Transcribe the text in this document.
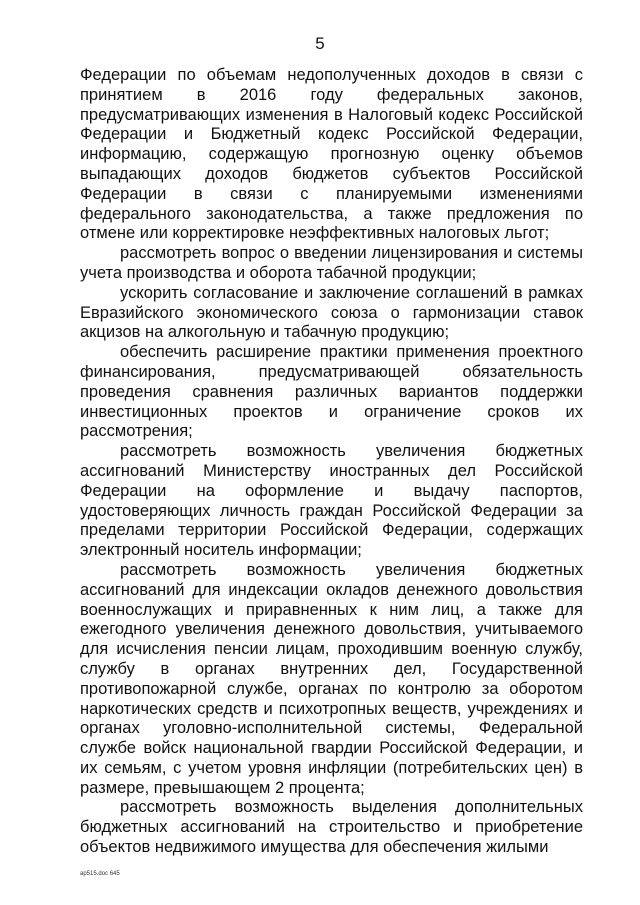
5

Федерации по объемам недополученных доходов в связи с принятием в 2016 году федеральных законов, предусматривающих изменения в Налоговый кодекс Российской Федерации и Бюджетный кодекс Российской Федерации, информацию, содержащую прогнозную оценку объемов выпадающих доходов бюджетов субъектов Российской Федерации в связи с планируемыми изменениями федерального законодательства, а также предложения по отмене или корректировке неэффективных налоговых льгот;

рассмотреть вопрос о введении лицензирования и системы учета производства и оборота табачной продукции;

ускорить согласование и заключение соглашений в рамках Евразийского экономического союза о гармонизации ставок акцизов на алкогольную и табачную продукцию;

обеспечить расширение практики применения проектного финансирования, предусматривающей обязательность проведения сравнения различных вариантов поддержки инвестиционных проектов и ограничение сроков их рассмотрения;

рассмотреть возможность увеличения бюджетных ассигнований Министерству иностранных дел Российской Федерации на оформление и выдачу паспортов, удостоверяющих личность граждан Российской Федерации за пределами территории Российской Федерации, содержащих электронный носитель информации;

рассмотреть возможность увеличения бюджетных ассигнований для индексации окладов денежного довольствия военнослужащих и приравненных к ним лиц, а также для ежегодного увеличения денежного довольствия, учитываемого для исчисления пенсии лицам, проходившим военную службу, службу в органах внутренних дел, Государственной противопожарной службе, органах по контролю за оборотом наркотических средств и психотропных веществ, учреждениях и органах уголовно-исполнительной системы, Федеральной службе войск национальной гвардии Российской Федерации, и их семьям, с учетом уровня инфляции (потребительских цен) в размере, превышающем 2 процента;

рассмотреть возможность выделения дополнительных бюджетных ассигнований на строительство и приобретение объектов недвижимого имущества для обеспечения жилыми

ap515.doc 645
